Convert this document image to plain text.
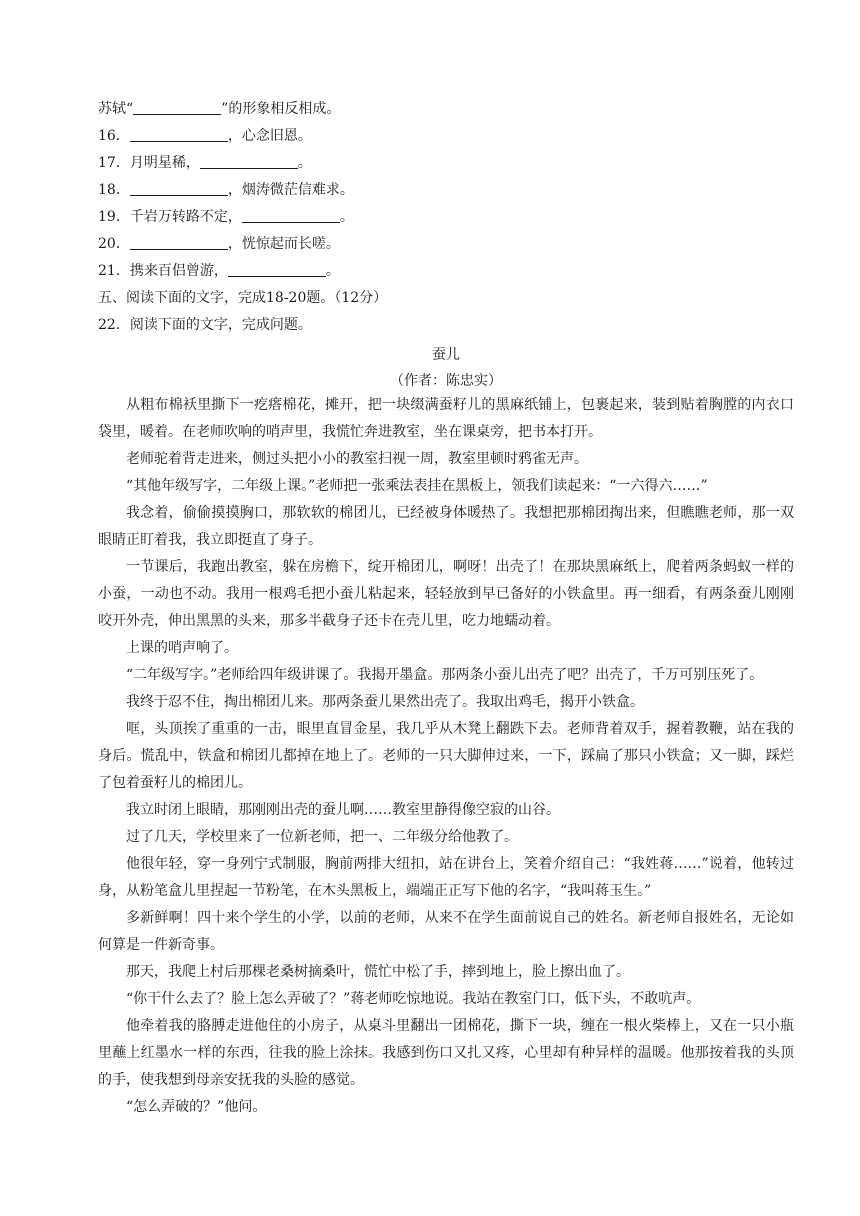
苏轼“	”的形象相反相成。
16．	，心念旧恩。
17．月明星稀，	。
18．	，烟涛微茫信难求。
19．千岩万转路不定，	。
20．	，恍惊起而长嗟。
21．携来百侣曾游，	。
五、阅读下面的文字，完成18-20题。（12分）
22．阅读下面的文字，完成问题。
蚕儿
（作者：陈忠实）
从粗布棉袄里撕下一疙瘩棉花，摊开，把一块缀满蚕籽儿的黑麻纸铺上，包裹起来，装到贴着胸膛的内衣口袋里，暖着。在老师吹响的哨声里，我慌忙奔进教室，坐在课桌旁，把书本打开。
老师驼着背走进来，侧过头把小小的教室扫视一周，教室里顿时鸦雀无声。
“其他年级写字，二年级上课。”老师把一张乘法表挂在黑板上，领我们读起来：“一六得六……”
我念着，偷偷摸摸胸口，那软软的棉团儿，已经被身体暖热了。我想把那棉团掏出来，但瞧瞧老师，那一双眼睛正盯着我，我立即挺直了身子。
一节课后，我跑出教室，躲在房檐下，绽开棉团儿，啊呀！出壳了！在那块黑麻纸上，爬着两条蚂蚁一样的小蚕，一动也不动。我用一根鸡毛把小蚕儿粘起来，轻轻放到早已备好的小铁盒里。再一细看，有两条蚕儿刚刚咬开外壳，伸出黑黑的头来，那多半截身子还卡在壳儿里，吃力地蠕动着。
上课的哨声响了。
“二年级写字。”老师给四年级讲课了。我揭开墨盒。那两条小蚕儿出壳了吧？出壳了，千万可别压死了。
我终于忍不住，掏出棉团儿来。那两条蚕儿果然出壳了。我取出鸡毛，揭开小铁盒。
哐，头顶挨了重重的一击，眼里直冒金星，我几乎从木凳上翻跌下去。老师背着双手，握着教鞭，站在我的身后。慌乱中，铁盒和棉团儿都掉在地上了。老师的一只大脚伸过来，一下，踩扁了那只小铁盒；又一脚，踩烂了包着蚕籽儿的棉团儿。
我立时闭上眼睛，那刚刚出壳的蚕儿啊……教室里静得像空寂的山谷。
过了几天，学校里来了一位新老师，把一、二年级分给他教了。
他很年轻，穿一身列宁式制服，胸前两排大纽扣，站在讲台上，笑着介绍自己：“我姓蒋……”说着，他转过身，从粉笔盒儿里捏起一节粉笔，在木头黑板上，端端正正写下他的名字，“我叫蒋玉生。”
多新鲜啊！四十来个学生的小学，以前的老师，从来不在学生面前说自己的姓名。新老师自报姓名，无论如何算是一件新奇事。
那天，我爬上村后那棵老桑树摘桑叶，慌忙中松了手，摔到地上，脸上擦出血了。
“你干什么去了？脸上怎么弄破了？”蒋老师吃惊地说。我站在教室门口，低下头，不敢吭声。
他牵着我的胳膊走进他住的小房子，从桌斗里翻出一团棉花，撕下一块，缠在一根火柴棒上，又在一只小瓶里蘸上红墨水一样的东西，往我的脸上涂抹。我感到伤口又扎又疼，心里却有种异样的温暖。他那按着我的头顶的手，使我想到母亲安抚我的头脸的感觉。
“怎么弄破的？”他问。
